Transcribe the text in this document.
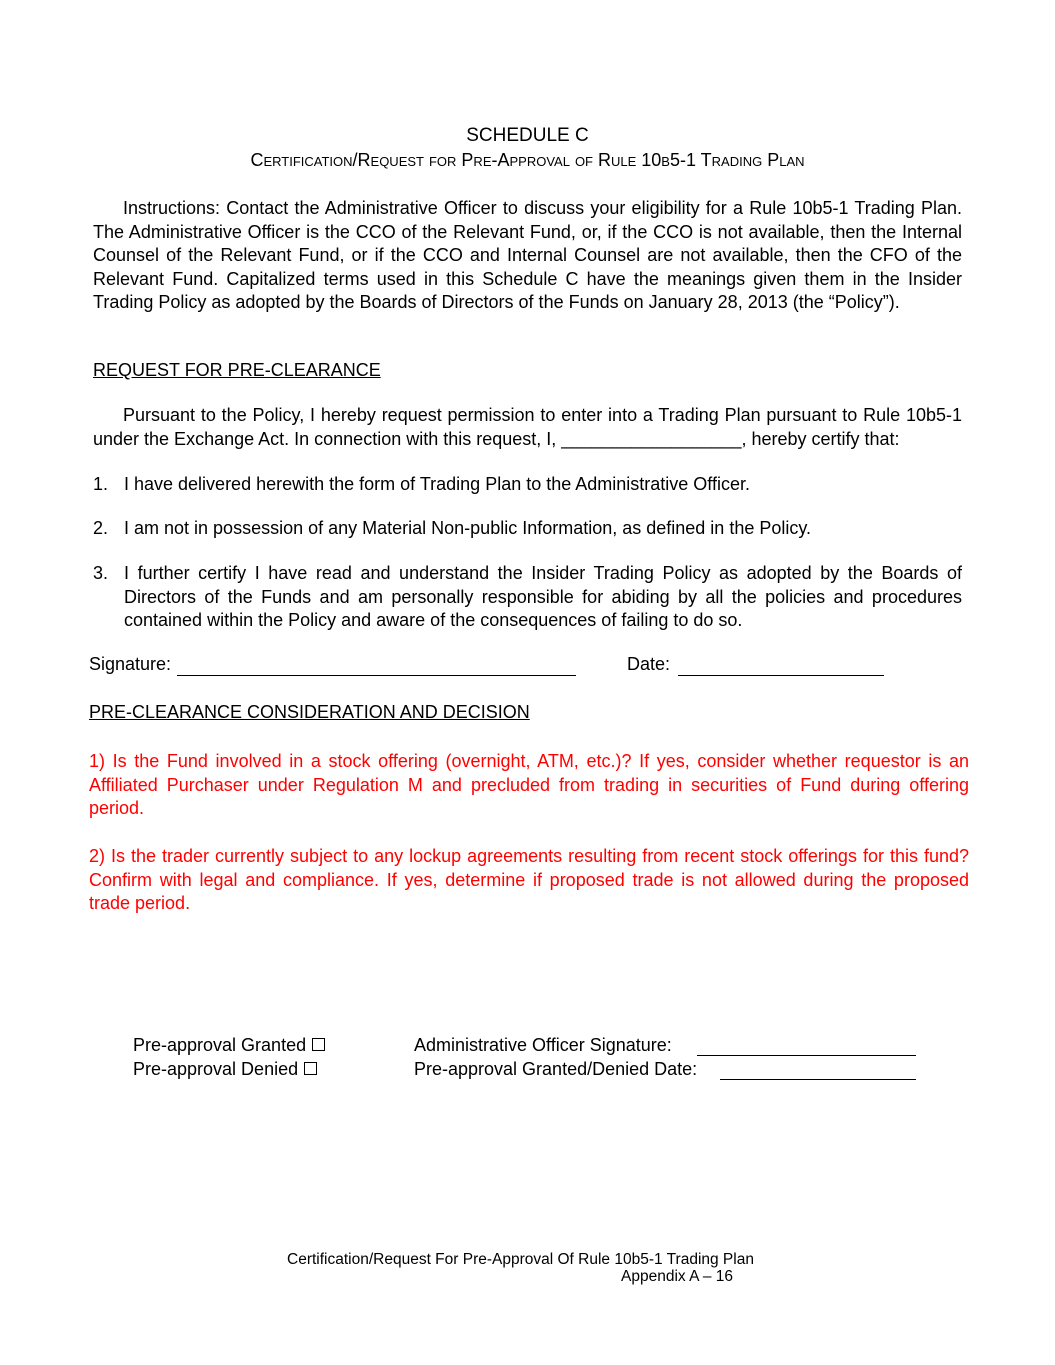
SCHEDULE C
Certification/Request for Pre-Approval of Rule 10b5-1 Trading Plan
Instructions: Contact the Administrative Officer to discuss your eligibility for a Rule 10b5-1 Trading Plan. The Administrative Officer is the CCO of the Relevant Fund, or, if the CCO is not available, then the Internal Counsel of the Relevant Fund, or if the CCO and Internal Counsel are not available, then the CFO of the Relevant Fund. Capitalized terms used in this Schedule C have the meanings given them in the Insider Trading Policy as adopted by the Boards of Directors of the Funds on January 28, 2013 (the “Policy”).
REQUEST FOR PRE-CLEARANCE
Pursuant to the Policy, I hereby request permission to enter into a Trading Plan pursuant to Rule 10b5-1 under the Exchange Act. In connection with this request, I, __________________, hereby certify that:
1. I have delivered herewith the form of Trading Plan to the Administrative Officer.
2. I am not in possession of any Material Non-public Information, as defined in the Policy.
3. I further certify I have read and understand the Insider Trading Policy as adopted by the Boards of Directors of the Funds and am personally responsible for abiding by all the policies and procedures contained within the Policy and aware of the consequences of failing to do so.
Signature:	Date:
PRE-CLEARANCE CONSIDERATION AND DECISION
1) Is the Fund involved in a stock offering (overnight, ATM, etc.)? If yes, consider whether requestor is an Affiliated Purchaser under Regulation M and precluded from trading in securities of Fund during offering period.
2) Is the trader currently subject to any lockup agreements resulting from recent stock offerings for this fund? Confirm with legal and compliance. If yes, determine if proposed trade is not allowed during the proposed trade period.
Pre-approval Granted
Pre-approval Denied
Administrative Officer Signature:
Pre-approval Granted/Denied Date:
Certification/Request For Pre-Approval Of Rule 10b5-1 Trading Plan
Appendix A – 16
